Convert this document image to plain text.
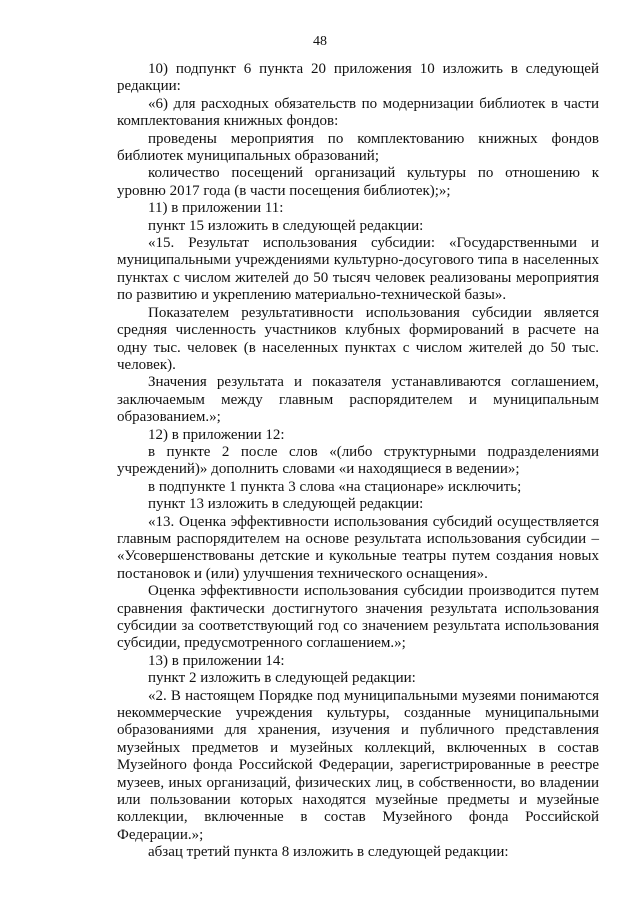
48

10) подпункт 6 пункта 20 приложения 10 изложить в следующей редакции:

«6) для расходных обязательств по модернизации библиотек в части комплектования книжных фондов:

проведены мероприятия по комплектованию книжных фондов библиотек муниципальных образований;

количество посещений организаций культуры по отношению к уровню 2017 года (в части посещения библиотек);»;

11) в приложении 11:

пункт 15 изложить в следующей редакции:

«15. Результат использования субсидии: «Государственными и муниципальными учреждениями культурно-досугового типа в населенных пунктах с числом жителей до 50 тысяч человек реализованы мероприятия по развитию и укреплению материально-технической базы».

Показателем результативности использования субсидии является средняя численность участников клубных формирований в расчете на одну тыс. человек (в населенных пунктах с числом жителей до 50 тыс. человек).

Значения результата и показателя устанавливаются соглашением, заключаемым между главным распорядителем и муниципальным образованием.»;

12) в приложении 12:

в пункте 2 после слов «(либо структурными подразделениями учреждений)» дополнить словами «и находящиеся в ведении»;

в подпункте 1 пункта 3 слова «на стационаре» исключить;

пункт 13 изложить в следующей редакции:

«13. Оценка эффективности использования субсидий осуществляется главным распорядителем на основе результата использования субсидии – «Усовершенствованы детские и кукольные театры путем создания новых постановок и (или) улучшения технического оснащения».

Оценка эффективности использования субсидии производится путем сравнения фактически достигнутого значения результата использования субсидии за соответствующий год со значением результата использования субсидии, предусмотренного соглашением.»;

13) в приложении 14:

пункт 2 изложить в следующей редакции:

«2. В настоящем Порядке под муниципальными музеями понимаются некоммерческие учреждения культуры, созданные муниципальными образованиями для хранения, изучения и публичного представления музейных предметов и музейных коллекций, включенных в состав Музейного фонда Российской Федерации, зарегистрированные в реестре музеев, иных организаций, физических лиц, в собственности, во владении или пользовании которых находятся музейные предметы и музейные коллекции, включенные в состав Музейного фонда Российской Федерации.»;

абзац третий пункта 8 изложить в следующей редакции:
